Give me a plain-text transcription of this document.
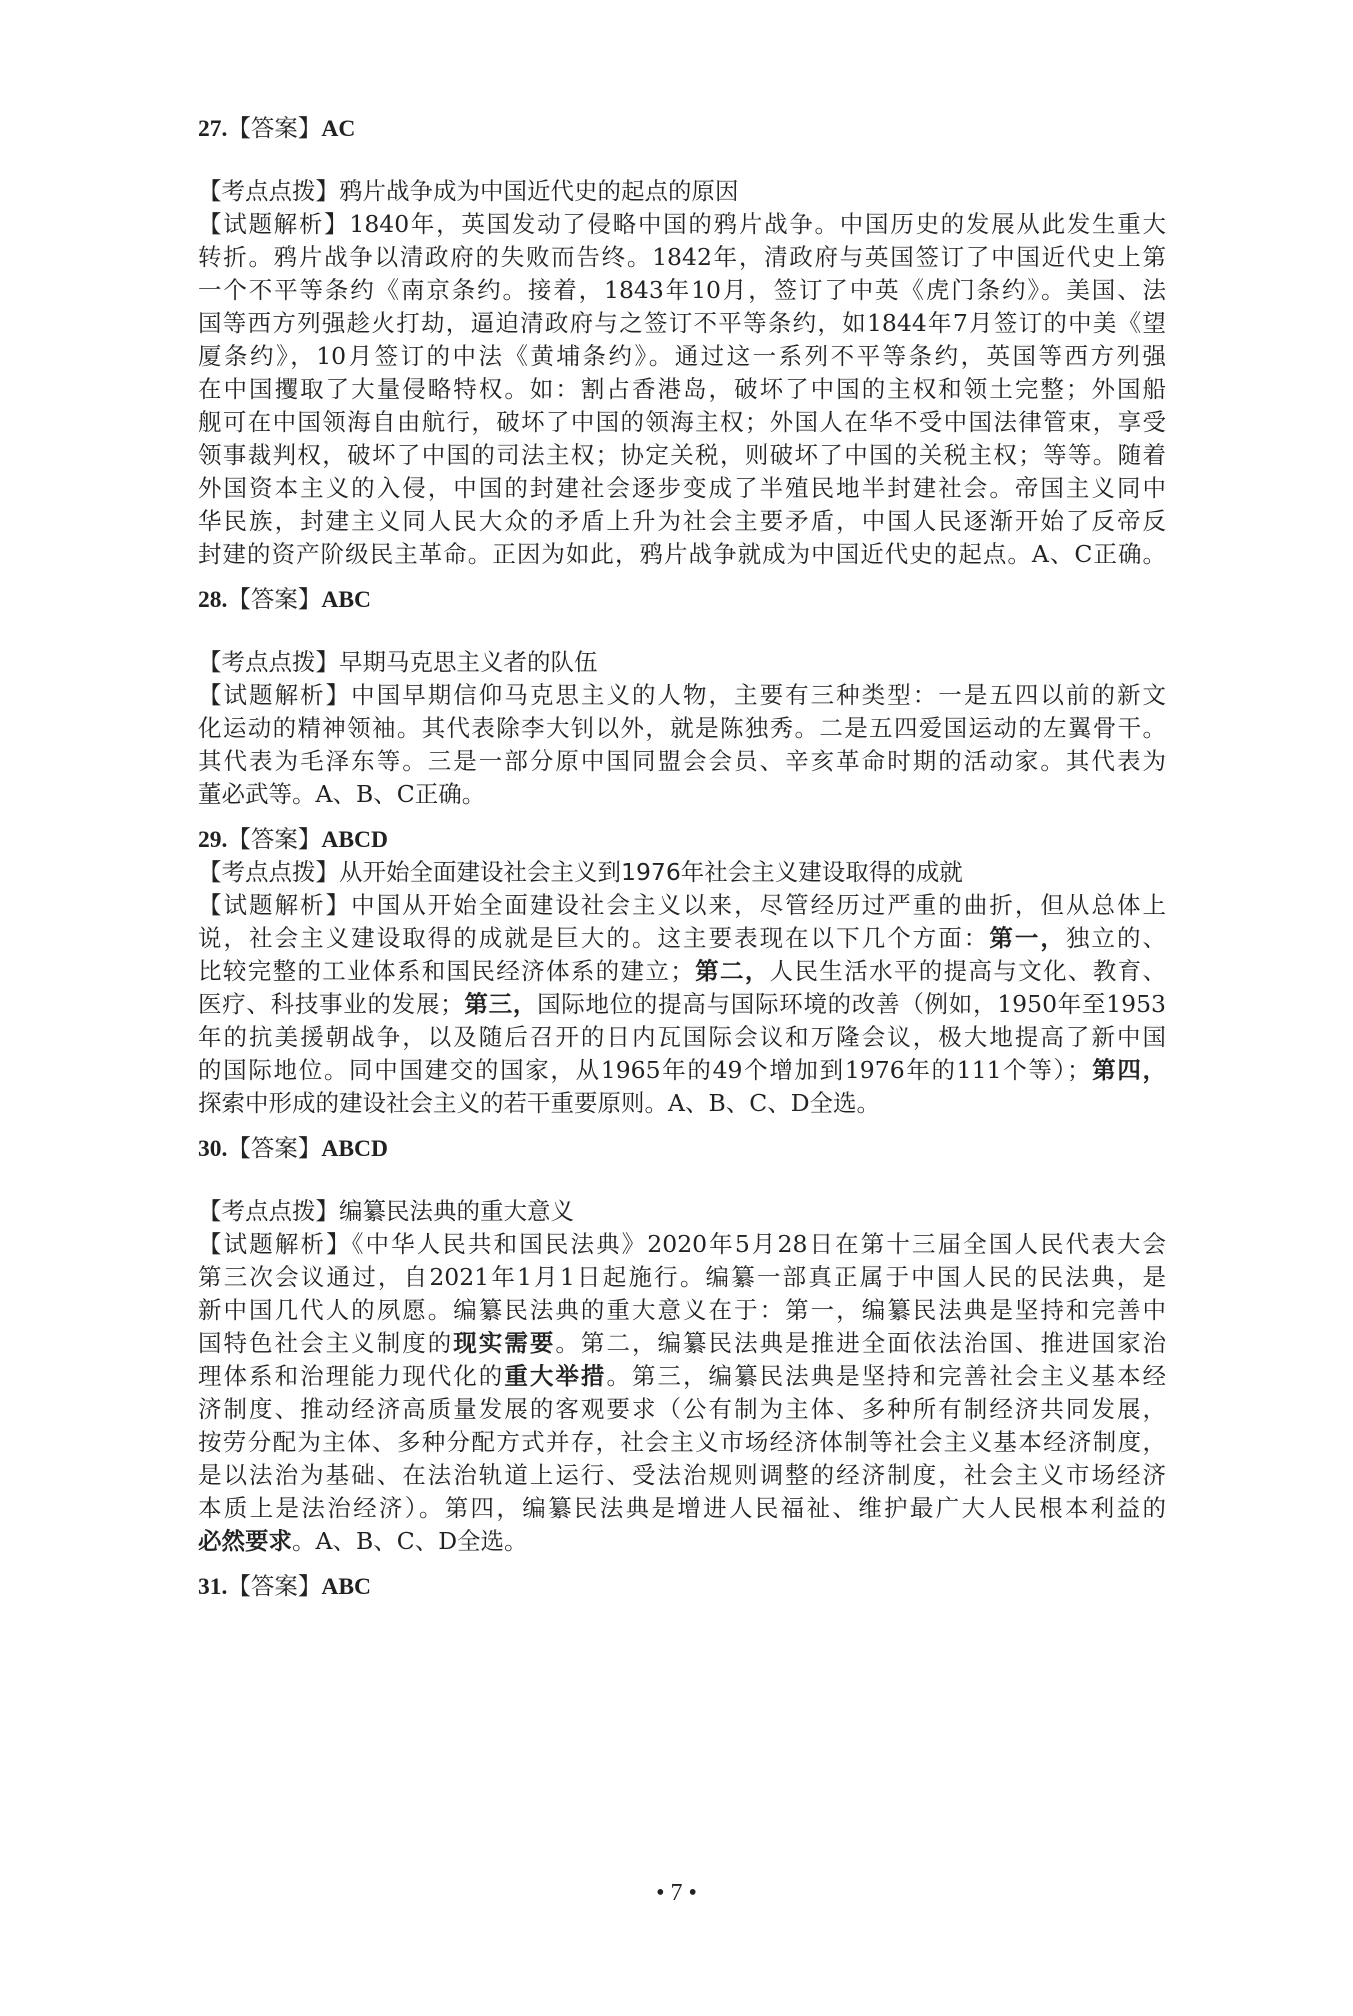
27.【答案】AC
【考点点拨】鸦片战争成为中国近代史的起点的原因
【试题解析】1840年，英国发动了侵略中国的鸦片战争。中国历史的发展从此发生重大
转折。鸦片战争以清政府的失败而告终。1842年，清政府与英国签订了中国近代史上第
一个不平等条约《南京条约。接着，1843年10月，签订了中英《虎门条约》。美国、法
国等西方列强趁火打劫，逼迫清政府与之签订不平等条约，如1844年7月签订的中美《望
厦条约》，10月签订的中法《黄埔条约》。通过这一系列不平等条约，英国等西方列强
在中国攫取了大量侵略特权。如：割占香港岛，破坏了中国的主权和领土完整；外国船
舰可在中国领海自由航行，破坏了中国的领海主权；外国人在华不受中国法律管束，享受
领事裁判权，破坏了中国的司法主权；协定关税，则破坏了中国的关税主权；等等。随着
外国资本主义的入侵，中国的封建社会逐步变成了半殖民地半封建社会。帝国主义同中
华民族，封建主义同人民大众的矛盾上升为社会主要矛盾，中国人民逐渐开始了反帝反
封建的资产阶级民主革命。正因为如此，鸦片战争就成为中国近代史的起点。A、C正确。
28.【答案】ABC
【考点点拨】早期马克思主义者的队伍
【试题解析】中国早期信仰马克思主义的人物，主要有三种类型：一是五四以前的新文
化运动的精神领袖。其代表除李大钊以外，就是陈独秀。二是五四爱国运动的左翼骨干。
其代表为毛泽东等。三是一部分原中国同盟会会员、辛亥革命时期的活动家。其代表为
董必武等。A、B、C正确。
29.【答案】ABCD
【考点点拨】从开始全面建设社会主义到1976年社会主义建设取得的成就
【试题解析】中国从开始全面建设社会主义以来，尽管经历过严重的曲折，但从总体上
说，社会主义建设取得的成就是巨大的。这主要表现在以下几个方面：第一，独立的、
比较完整的工业体系和国民经济体系的建立；第二，人民生活水平的提高与文化、教育、
医疗、科技事业的发展；第三，国际地位的提高与国际环境的改善（例如，1950年至1953
年的抗美援朝战争，以及随后召开的日内瓦国际会议和万隆会议，极大地提高了新中国
的国际地位。同中国建交的国家，从1965年的49个增加到1976年的111个等）；第四，
探索中形成的建设社会主义的若干重要原则。A、B、C、D全选。
30.【答案】ABCD
【考点点拨】编纂民法典的重大意义
【试题解析】《中华人民共和国民法典》2020年5月28日在第十三届全国人民代表大会
第三次会议通过，自2021年1月1日起施行。编纂一部真正属于中国人民的民法典，是
新中国几代人的夙愿。编纂民法典的重大意义在于：第一，编纂民法典是坚持和完善中
国特色社会主义制度的现实需要。第二，编纂民法典是推进全面依法治国、推进国家治
理体系和治理能力现代化的重大举措。第三，编纂民法典是坚持和完善社会主义基本经
济制度、推动经济高质量发展的客观要求（公有制为主体、多种所有制经济共同发展，
按劳分配为主体、多种分配方式并存，社会主义市场经济体制等社会主义基本经济制度，
是以法治为基础、在法治轨道上运行、受法治规则调整的经济制度，社会主义市场经济
本质上是法治经济）。第四，编纂民法典是增进人民福祉、维护最广大人民根本利益的
必然要求。A、B、C、D全选。
31.【答案】ABC
• 7 •
